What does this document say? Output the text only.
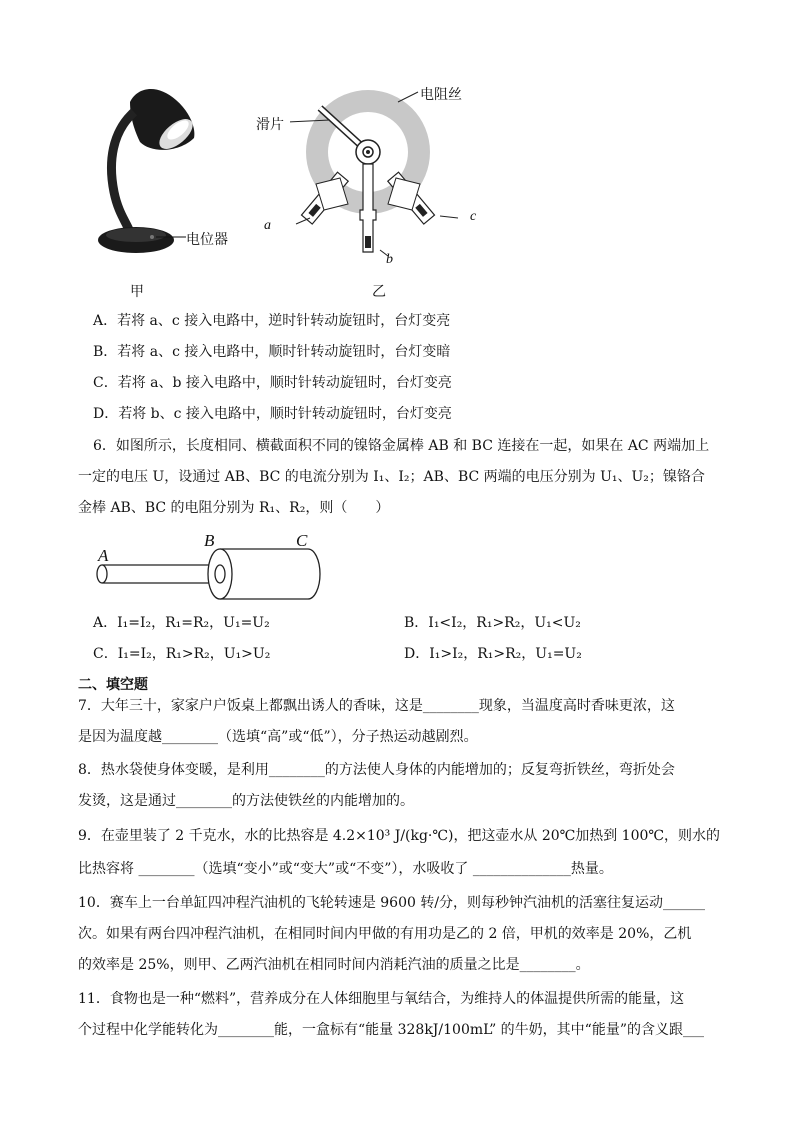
电位器
甲
电阻丝
滑片
a
b
c
乙
A．若将 a、c 接入电路中，逆时针转动旋钮时，台灯变亮
B．若将 a、c 接入电路中，顺时针转动旋钮时，台灯变暗
C．若将 a、b 接入电路中，顺时针转动旋钮时，台灯变亮
D．若将 b、c 接入电路中，顺时针转动旋钮时，台灯变亮
6．如图所示，长度相同、横截面积不同的镍铬金属棒 AB 和 BC 连接在一起，如果在 AC 两端加上
一定的电压 U，设通过 AB、BC 的电流分别为 I₁、I₂；AB、BC 两端的电压分别为 U₁、U₂；镍铬合
金棒 AB、BC 的电阻分别为 R₁、R₂，则（　　）
A
B	C
A．I₁=I₂，R₁=R₂，U₁=U₂	B．I₁<I₂，R₁>R₂，U₁<U₂
C．I₁=I₂，R₁>R₂，U₁>U₂	D．I₁>I₂，R₁>R₂，U₁=U₂
二、填空题
7．大年三十，家家户户饭桌上都飘出诱人的香味，这是________现象，当温度高时香味更浓，这
是因为温度越________（选填“高”或“低”），分子热运动越剧烈。
8．热水袋使身体变暖，是利用________的方法使人身体的内能增加的；反复弯折铁丝，弯折处会
发烫，这是通过________的方法使铁丝的内能增加的。
9．在壶里装了 2 千克水，水的比热容是 4.2×10³ J/(kg·℃)，把这壶水从 20℃加热到 100℃，则水的
比热容将 ________（选填“变小”或“变大”或“不变”），水吸收了 ______________热量。
10．赛车上一台单缸四冲程汽油机的飞轮转速是 9600 转/分，则每秒钟汽油机的活塞往复运动______
次。如果有两台四冲程汽油机，在相同时间内甲做的有用功是乙的 2 倍，甲机的效率是 20%，乙机
的效率是 25%，则甲、乙两汽油机在相同时间内消耗汽油的质量之比是________。
11．食物也是一种“燃料”，营养成分在人体细胞里与氧结合，为维持人的体温提供所需的能量，这
个过程中化学能转化为________能，一盒标有“能量 328kJ/100mL” 的牛奶，其中“能量”的含义跟___
